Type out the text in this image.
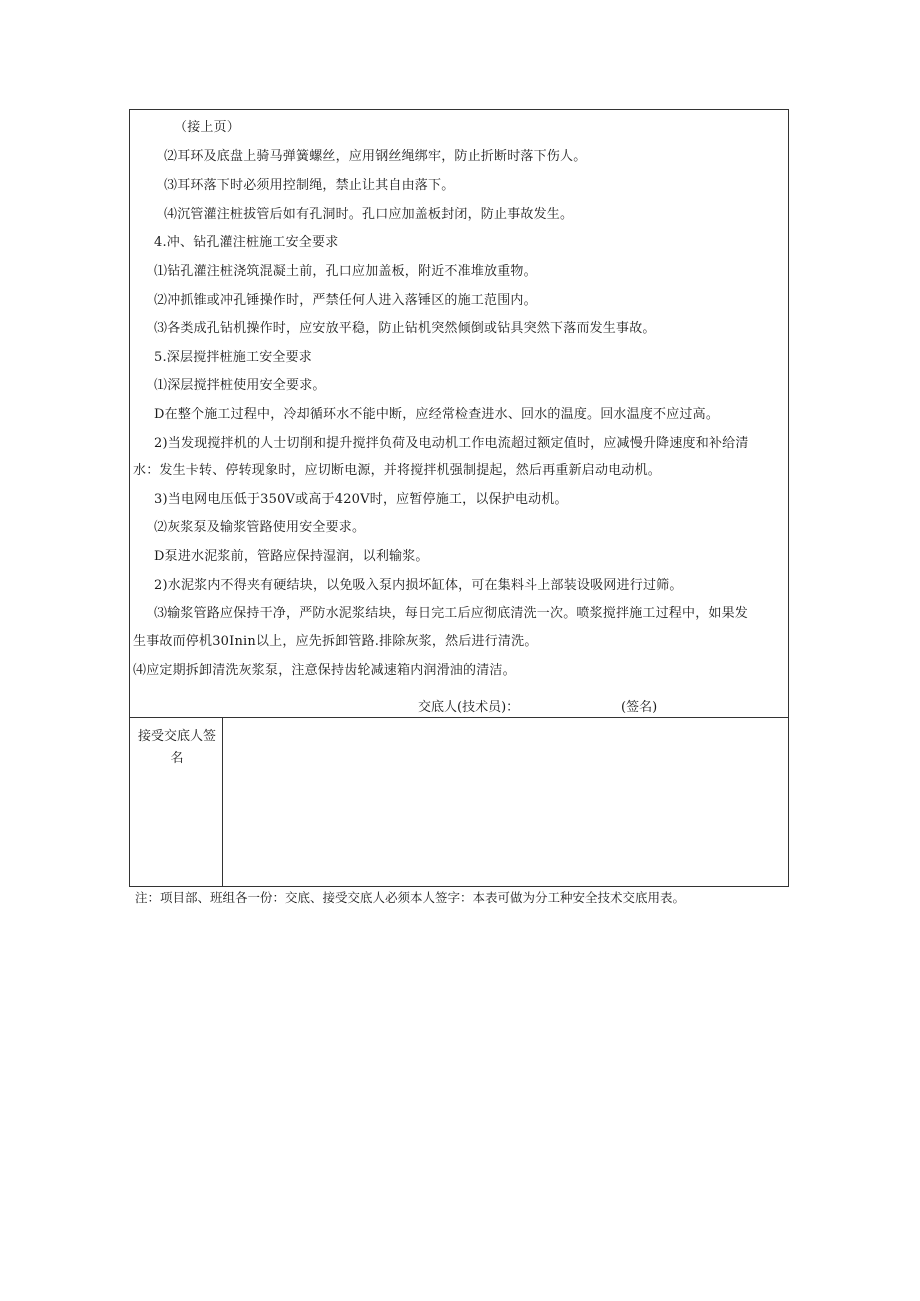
（接上页）
⑵耳环及底盘上骑马弹簧螺丝，应用钢丝绳绑牢，防止折断时落下伤人。
⑶耳环落下时必须用控制绳，禁止让其自由落下。
⑷沉管灌注桩拔管后如有孔洞时。孔口应加盖板封闭，防止事故发生。
4.冲、钻孔灌注桩施工安全要求
⑴钻孔灌注桩浇筑混凝土前，孔口应加盖板，附近不准堆放重物。
⑵冲抓锥或冲孔锤操作时，严禁任何人进入落锤区的施工范围内。
⑶各类成孔钻机操作时，应安放平稳，防止钻机突然倾倒或钻具突然下落而发生事故。
5.深层搅拌桩施工安全要求
⑴深层搅拌桩使用安全要求。
D在整个施工过程中，冷却循环水不能中断，应经常检查进水、回水的温度。回水温度不应过高。
2)当发现搅拌机的人士切削和提升搅拌负荷及电动机工作电流超过额定值时，应减慢升降速度和补给清
水：发生卡转、停转现象时，应切断电源，并将搅拌机强制提起，然后再重新启动电动机。
3)当电网电压低于350V或高于420V时，应暂停施工，以保护电动机。
⑵灰浆泵及输浆管路使用安全要求。
D泵进水泥浆前，管路应保持湿润，以利输浆。
2)水泥浆内不得夹有硬结块，以免吸入泵内损坏缸体，可在集料斗上部装设吸网进行过筛。
⑶输浆管路应保持干净，严防水泥浆结块，每日完工后应彻底清洗一次。喷浆搅拌施工过程中，如果发
生事故而停机30Inin以上，应先拆卸管路.排除灰浆，然后进行清洗。
⑷应定期拆卸清洗灰浆泵，注意保持齿轮减速箱内润滑油的清洁。
交底人(技术员)：	(签名)
接受交底人签名
注：项目部、班组各一份：交底、接受交底人必须本人签字：本表可做为分工种安全技术交底用表。
